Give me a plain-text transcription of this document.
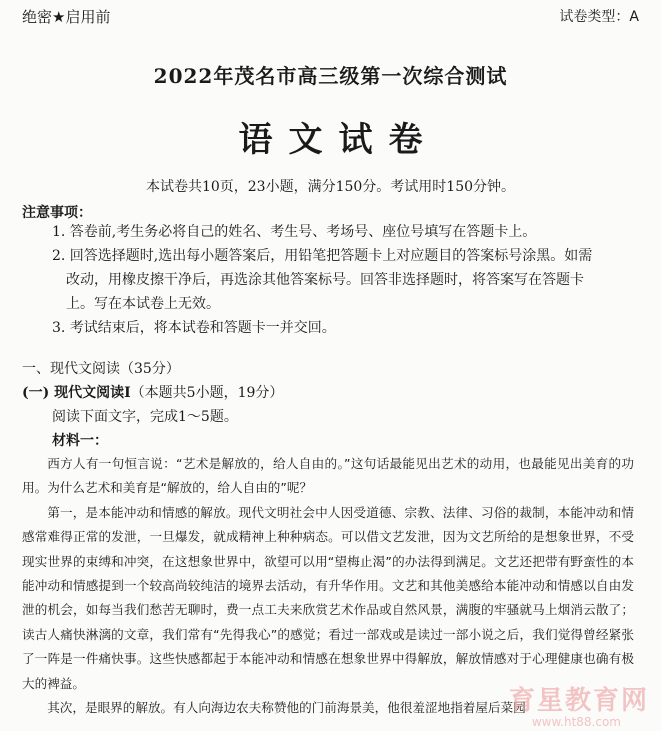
绝密★启用前	试卷类型：A
2022年茂名市高三级第一次综合测试
语文试卷
本试卷共10页，23小题，满分150分。考试用时150分钟。
注意事项：
1. 答卷前,考生务必将自己的姓名、考生号、考场号、座位号填写在答题卡上。
2. 回答选择题时,选出每小题答案后，用铅笔把答题卡上对应题目的答案标号涂黑。如需
改动，用橡皮擦干净后，再选涂其他答案标号。回答非选择题时，将答案写在答题卡
上。写在本试卷上无效。
3. 考试结束后，将本试卷和答题卡一并交回。
一、现代文阅读（35分）
(一) 现代文阅读Ⅰ（本题共5小题，19分）
阅读下面文字，完成1～5题。
材料一：

西方人有一句恒言说：“艺术是解放的，给人自由的。”这句话最能见出艺术的动用，也最能见出美育的功用。为什么艺术和美育是“解放的，给人自由的”呢？

第一，是本能冲动和情感的解放。现代文明社会中人因受道德、宗教、法律、习俗的裁制，本能冲动和情感常难得正常的发泄，一旦爆发，就成精神上种种病态。可以借文艺发泄，因为文艺所给的是想象世界，不受现实世界的束缚和冲突，在这想象世界中，欲望可以用“望梅止渴”的办法得到满足。文艺还把带有野蛮性的本能冲动和情感提到一个较高尚较纯洁的境界去活动，有升华作用。文艺和其他美感给本能冲动和情感以自由发泄的机会，如每当我们愁苦无聊时，费一点工夫来欣赏艺术作品或自然风景，满腹的牢骚就马上烟消云散了；读古人痛快淋漓的文章，我们常有“先得我心”的感觉；看过一部戏或是读过一部小说之后，我们觉得曾经紧张了一阵是一件痛快事。这些快感都起于本能冲动和情感在想象世界中得解放，解放情感对于心理健康也确有极大的裨益。

其次，是眼界的解放。有人向海边农夫称赞他的门前海景美，他很羞涩地指着屋后菜园

育星教育网
www.ht88.com
